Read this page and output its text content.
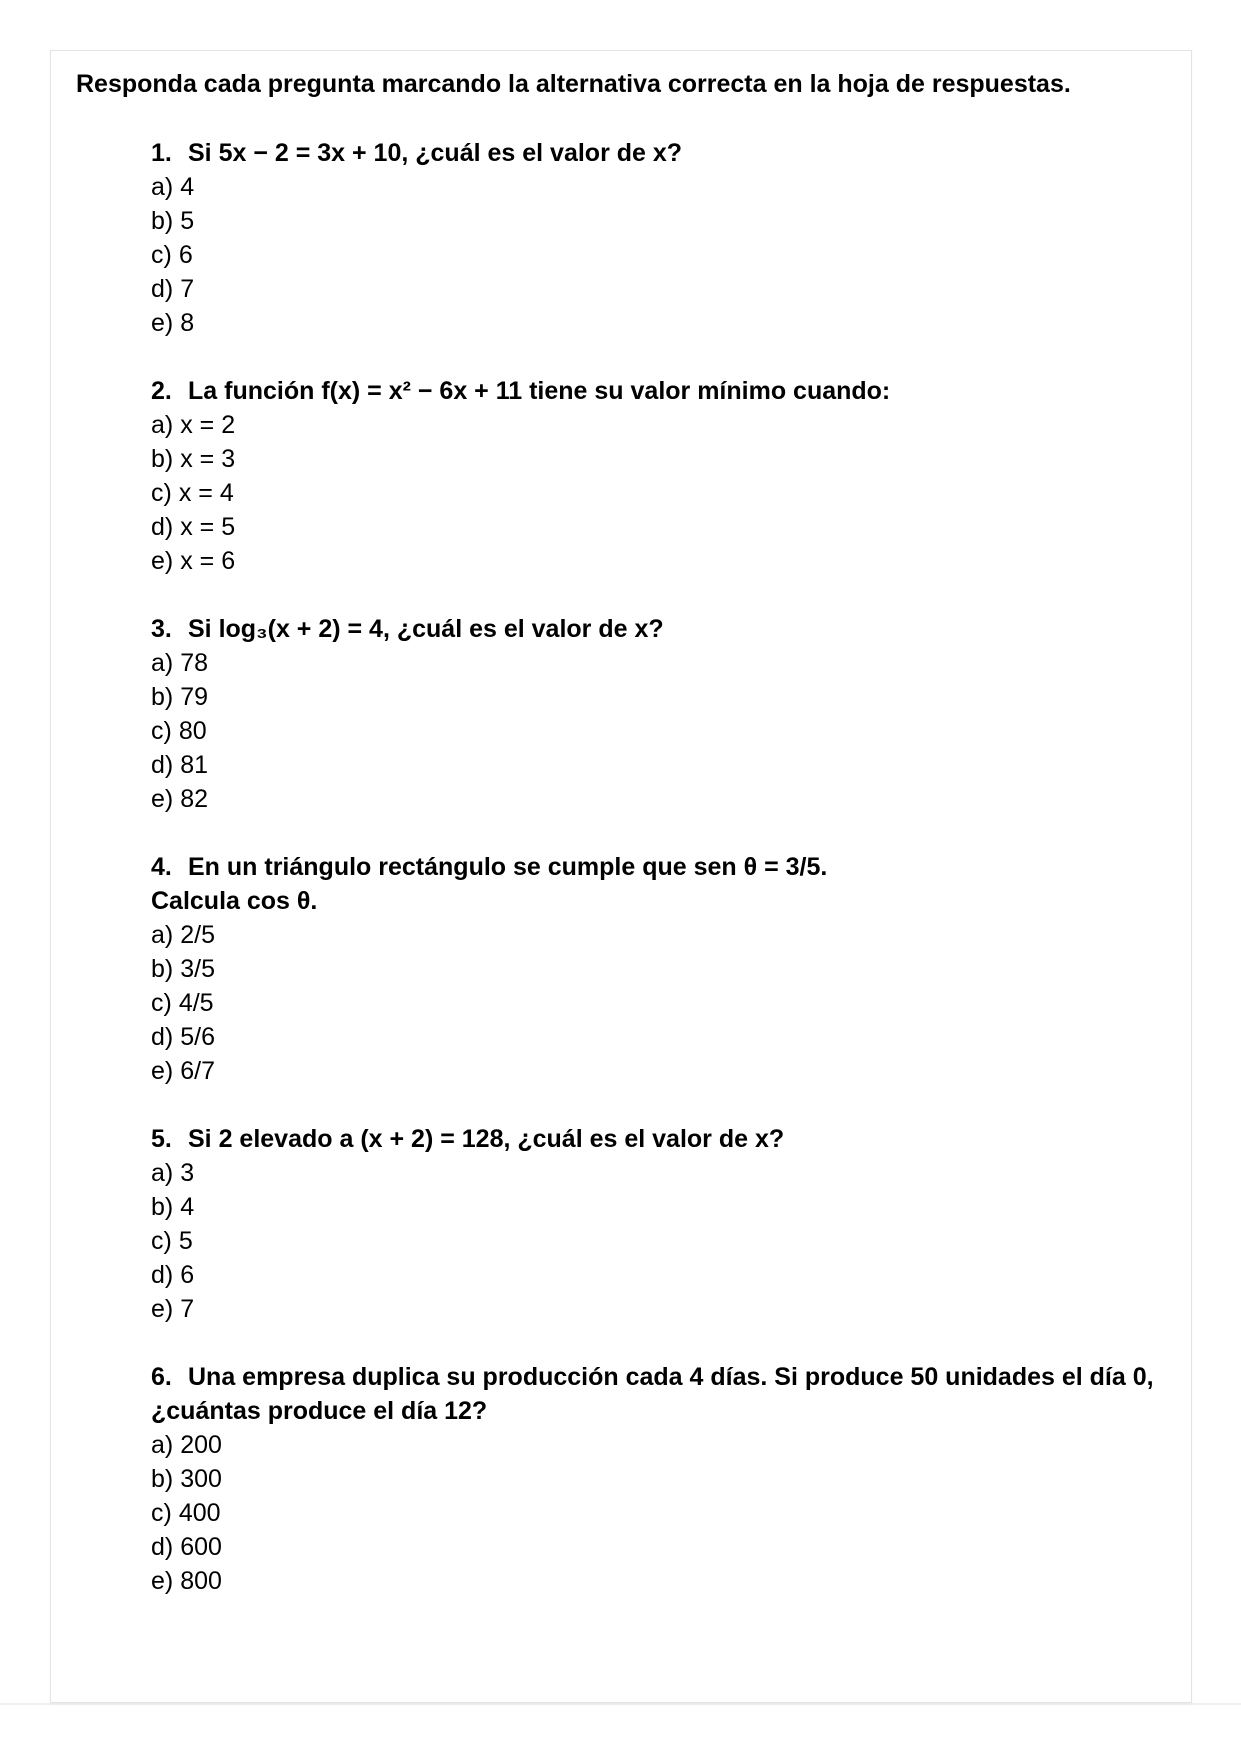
Responda cada pregunta marcando la alternativa correcta en la hoja de respuestas.
1. Si 5x − 2 = 3x + 10, ¿cuál es el valor de x?
a) 4
b) 5
c) 6
d) 7
e) 8
2. La función f(x) = x² − 6x + 11 tiene su valor mínimo cuando:
a) x = 2
b) x = 3
c) x = 4
d) x = 5
e) x = 6
3. Si log₃(x + 2) = 4, ¿cuál es el valor de x?
a) 78
b) 79
c) 80
d) 81
e) 82
4. En un triángulo rectángulo se cumple que sen θ = 3/5.
Calcula cos θ.
a) 2/5
b) 3/5
c) 4/5
d) 5/6
e) 6/7
5. Si 2 elevado a (x + 2) = 128, ¿cuál es el valor de x?
a) 3
b) 4
c) 5
d) 6
e) 7
6. Una empresa duplica su producción cada 4 días. Si produce 50 unidades el día 0,
¿cuántas produce el día 12?
a) 200
b) 300
c) 400
d) 600
e) 800
